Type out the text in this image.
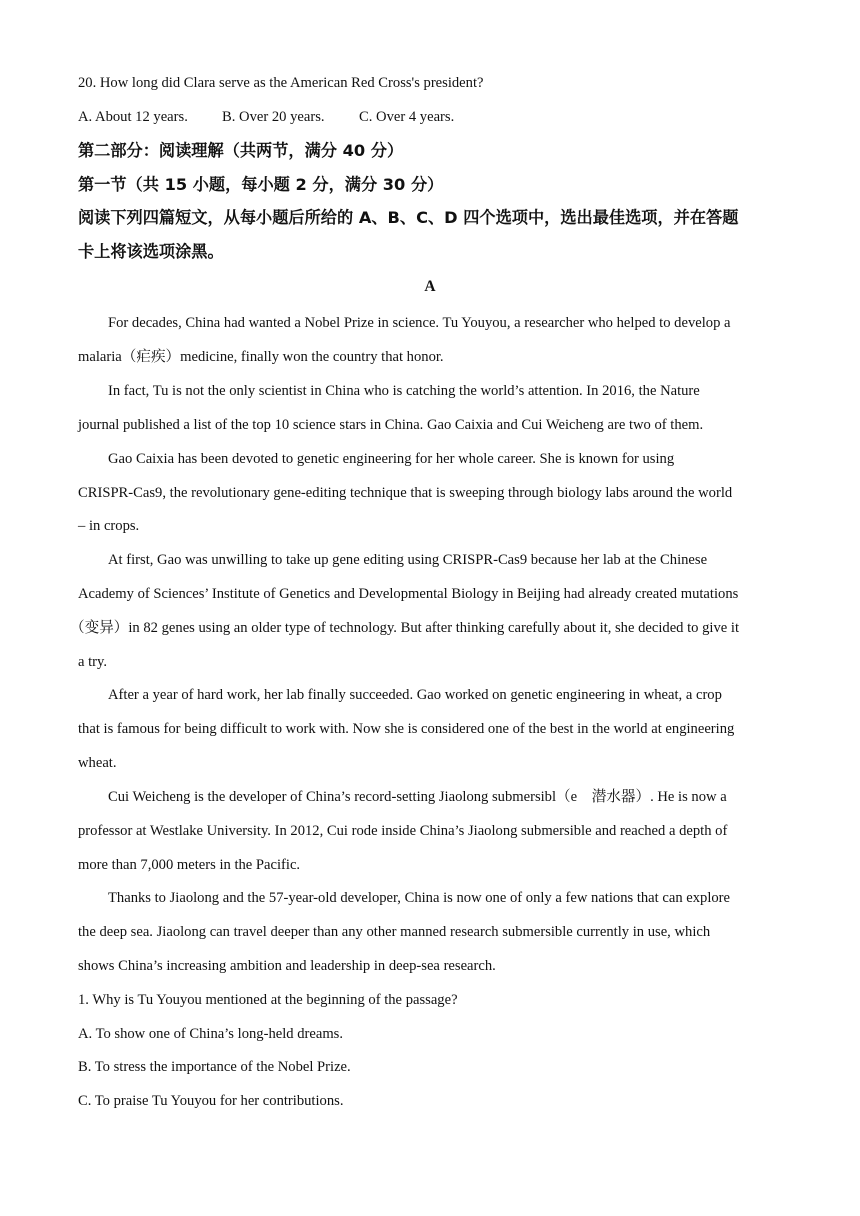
20. How long did Clara serve as the American Red Cross's president?
A. About 12 years. B. Over 20 years. C. Over 4 years.
第二部分：阅读理解（共两节，满分 40 分）
第一节（共 15 小题，每小题 2 分，满分 30 分）
阅读下列四篇短文，从每小题后所给的 A、B、C、D 四个选项中，选出最佳选项，并在答题
卡上将该选项涂黑。
A
For decades, China had wanted a Nobel Prize in science. Tu Youyou, a researcher who helped to develop a
malaria（疟疾）medicine, finally won the country that honor.
In fact, Tu is not the only scientist in China who is catching the world’s attention. In 2016, the Nature
journal published a list of the top 10 science stars in China. Gao Caixia and Cui Weicheng are two of them.
Gao Caixia has been devoted to genetic engineering for her whole career. She is known for using
CRISPR-Cas9, the revolutionary gene-editing technique that is sweeping through biology labs around the world
– in crops.
At first, Gao was unwilling to take up gene editing using CRISPR-Cas9 because her lab at the Chinese
Academy of Sciences’ Institute of Genetics and Developmental Biology in Beijing had already created mutations
（变异）in 82 genes using an older type of technology. But after thinking carefully about it, she decided to give it
a try.
After a year of hard work, her lab finally succeeded. Gao worked on genetic engineering in wheat, a crop
that is famous for being difficult to work with. Now she is considered one of the best in the world at engineering
wheat.
Cui Weicheng is the developer of China’s record-setting Jiaolong submersibl（e　潜水器）. He is now a
professor at Westlake University. In 2012, Cui rode inside China’s Jiaolong submersible and reached a depth of
more than 7,000 meters in the Pacific.
Thanks to Jiaolong and the 57-year-old developer, China is now one of only a few nations that can explore
the deep sea. Jiaolong can travel deeper than any other manned research submersible currently in use, which
shows China’s increasing ambition and leadership in deep-sea research.
1. Why is Tu Youyou mentioned at the beginning of the passage?
A. To show one of China’s long-held dreams.
B. To stress the importance of the Nobel Prize.
C. To praise Tu Youyou for her contributions.
